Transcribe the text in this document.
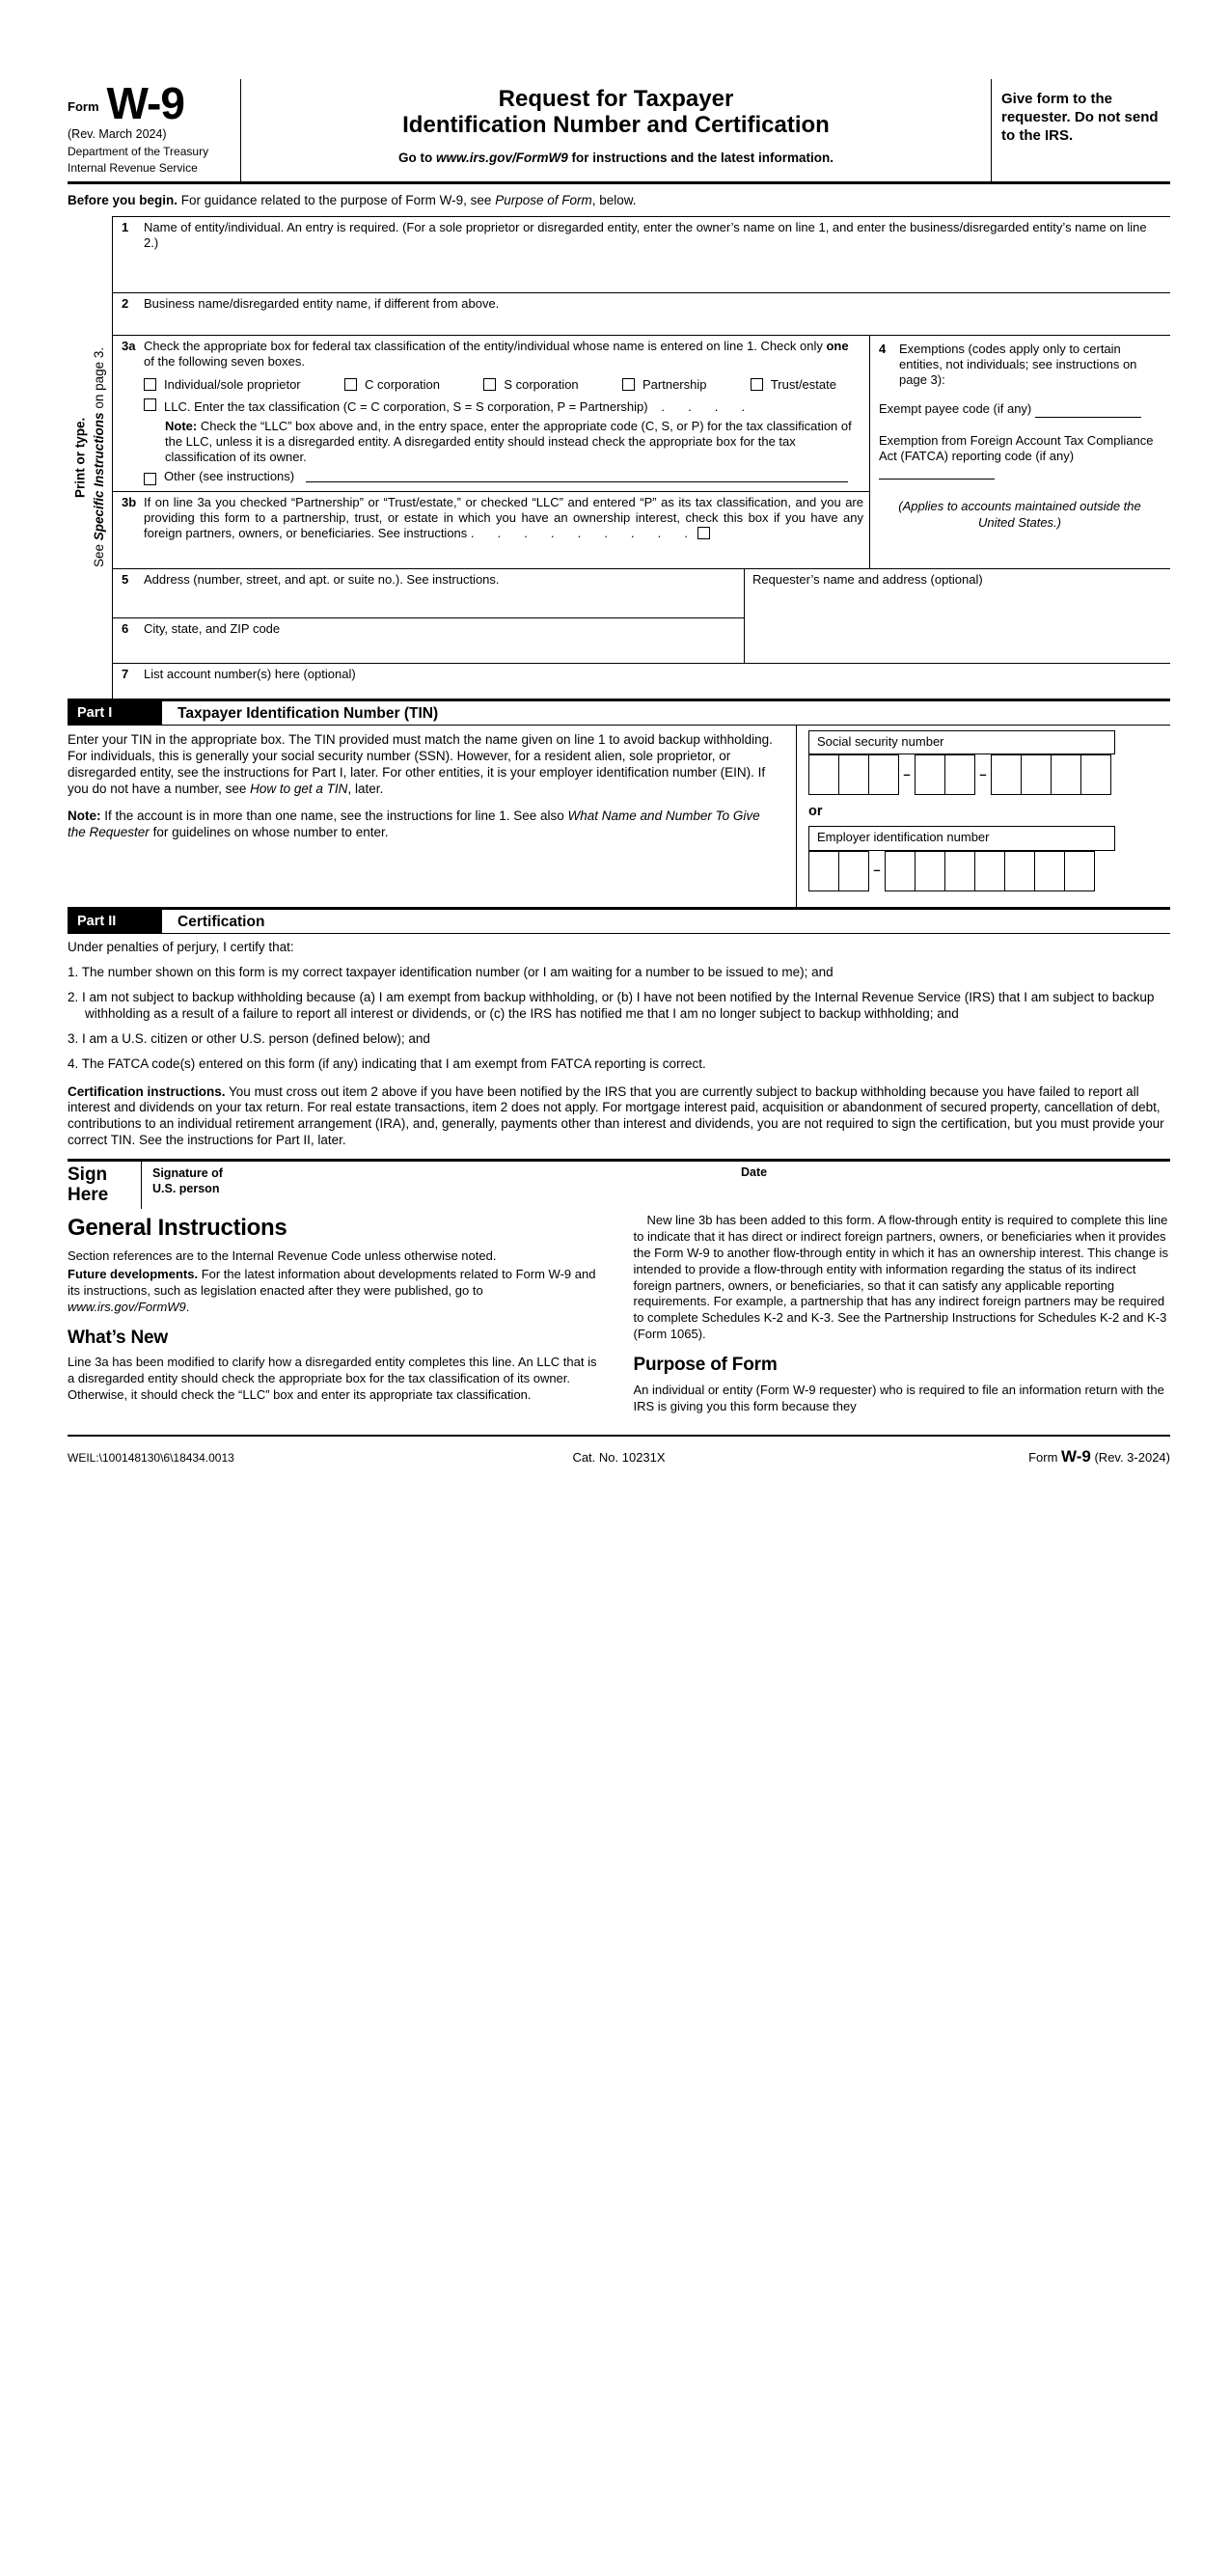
Form W-9
(Rev. March 2024)
Department of the Treasury
Internal Revenue Service
Request for Taxpayer
Identification Number and Certification
Go to www.irs.gov/FormW9 for instructions and the latest information.
Give form to the requester. Do not send to the IRS.
Before you begin. For guidance related to the purpose of Form W-9, see Purpose of Form, below.
Print or type.
See Specific Instructions on page 3.
1	Name of entity/individual. An entry is required. (For a sole proprietor or disregarded entity, enter the owner’s name on line 1, and enter the business/disregarded entity’s name on line 2.)
2	Business name/disregarded entity name, if different from above.
3a Check the appropriate box for federal tax classification of the entity/individual whose name is entered on line 1. Check only one of the following seven boxes.
Individual/sole proprietor	C corporation	S corporation	Partnership	Trust/estate
LLC. Enter the tax classification (C = C corporation, S = S corporation, P = Partnership) .     .     .     .
Note: Check the “LLC” box above and, in the entry space, enter the appropriate code (C, S, or P) for the tax classification of the LLC, unless it is a disregarded entity. A disregarded entity should instead check the appropriate box for the tax classification of its owner.
Other (see instructions)
3b If on line 3a you checked “Partnership” or “Trust/estate,” or checked “LLC” and entered “P” as its tax classification, and you are providing this form to a partnership, trust, or estate in which you have an ownership interest, check this box if you have any foreign partners, owners, or beneficiaries. See instructions .     .     .     .     .     .     .     .     .
4	Exemptions (codes apply only to certain entities, not individuals; see instructions on page 3):
Exempt payee code (if any)
Exemption from Foreign Account Tax Compliance Act (FATCA) reporting code (if any)
(Applies to accounts maintained outside the United States.)
5	Address (number, street, and apt. or suite no.). See instructions.
6	City, state, and ZIP code
Requester’s name and address (optional)
7	List account number(s) here (optional)
Part I	Taxpayer Identification Number (TIN)

Enter your TIN in the appropriate box. The TIN provided must match the name given on line 1 to avoid backup withholding. For individuals, this is generally your social security number (SSN). However, for a resident alien, sole proprietor, or disregarded entity, see the instructions for Part I, later. For other entities, it is your employer identification number (EIN). If you do not have a number, see How to get a TIN, later.

Note: If the account is in more than one name, see the instructions for line 1. See also What Name and Number To Give the Requester for guidelines on whose number to enter.

Social security number
–	–
or
Employer identification number
–
Part II	Certification
Under penalties of perjury, I certify that:
1. The number shown on this form is my correct taxpayer identification number (or I am waiting for a number to be issued to me); and
2. I am not subject to backup withholding because (a) I am exempt from backup withholding, or (b) I have not been notified by the Internal Revenue Service (IRS) that I am subject to backup withholding as a result of a failure to report all interest or dividends, or (c) the IRS has notified me that I am no longer subject to backup withholding; and
3. I am a U.S. citizen or other U.S. person (defined below); and
4. The FATCA code(s) entered on this form (if any) indicating that I am exempt from FATCA reporting is correct.
Certification instructions. You must cross out item 2 above if you have been notified by the IRS that you are currently subject to backup withholding because you have failed to report all interest and dividends on your tax return. For real estate transactions, item 2 does not apply. For mortgage interest paid, acquisition or abandonment of secured property, cancellation of debt, contributions to an individual retirement arrangement (IRA), and, generally, payments other than interest and dividends, you are not required to sign the certification, but you must provide your correct TIN. See the instructions for Part II, later.
Sign
Here
Signature of
U.S. person
Date
General Instructions

Section references are to the Internal Revenue Code unless otherwise noted.

Future developments. For the latest information about developments related to Form W-9 and its instructions, such as legislation enacted after they were published, go to www.irs.gov/FormW9.

What’s New

Line 3a has been modified to clarify how a disregarded entity completes this line. An LLC that is a disregarded entity should check the appropriate box for the tax classification of its owner. Otherwise, it should check the “LLC” box and enter its appropriate tax classification.

New line 3b has been added to this form. A flow-through entity is required to complete this line to indicate that it has direct or indirect foreign partners, owners, or beneficiaries when it provides the Form W-9 to another flow-through entity in which it has an ownership interest. This change is intended to provide a flow-through entity with information regarding the status of its indirect foreign partners, owners, or beneficiaries, so that it can satisfy any applicable reporting requirements. For example, a partnership that has any indirect foreign partners may be required to complete Schedules K-2 and K-3. See the Partnership Instructions for Schedules K-2 and K-3 (Form 1065).

Purpose of Form

An individual or entity (Form W-9 requester) who is required to file an information return with the IRS is giving you this form because they

WEIL:\100148130\6\18434.0013	Cat. No. 10231X	Form W-9 (Rev. 3-2024)
